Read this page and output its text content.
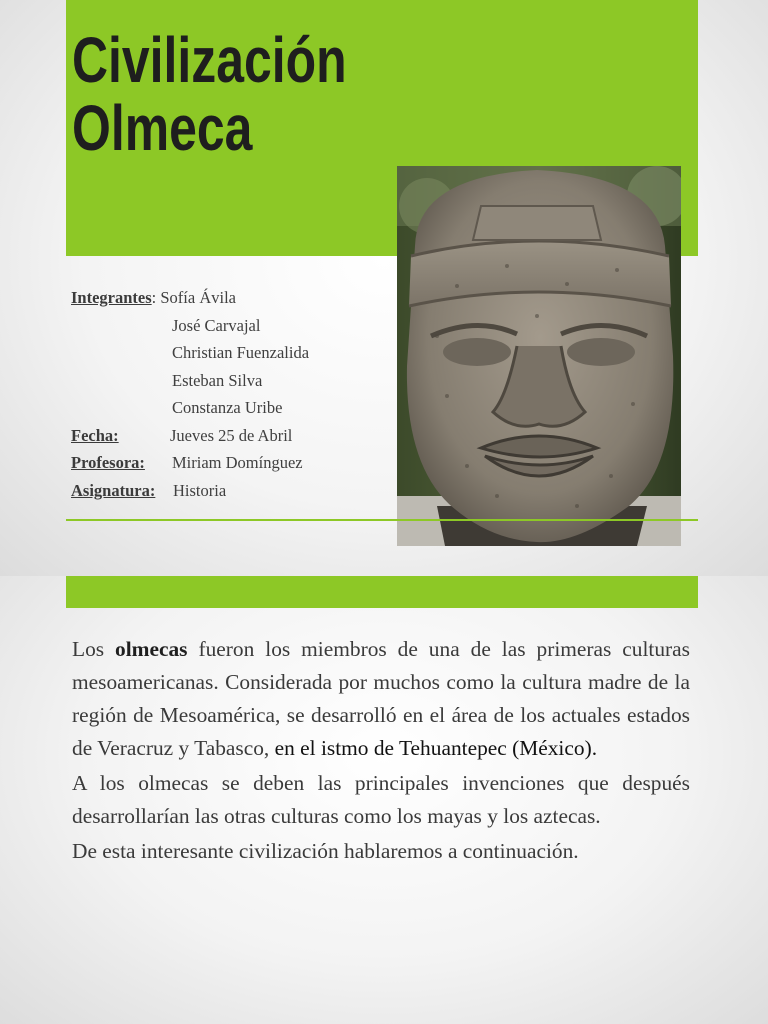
Civilización
Olmeca
Integrantes: Sofía Ávila
José Carvajal
Christian Fuenzalida
Esteban Silva
Constanza Uribe
Fecha:	Jueves 25 de Abril
Profesora: Miriam Domínguez
Asignatura: Historia

Los olmecas fueron los miembros de una de las primeras culturas mesoamericanas. Considerada por muchos como la cultura madre de la región de Mesoamérica, se desarrolló en el área de los actuales estados de Veracruz y Tabasco, en el istmo de Tehuantepec (México).

A los olmecas se deben las principales invenciones que después desarrollarían las otras culturas como los mayas y los aztecas.

De esta interesante civilización hablaremos a continuación.
